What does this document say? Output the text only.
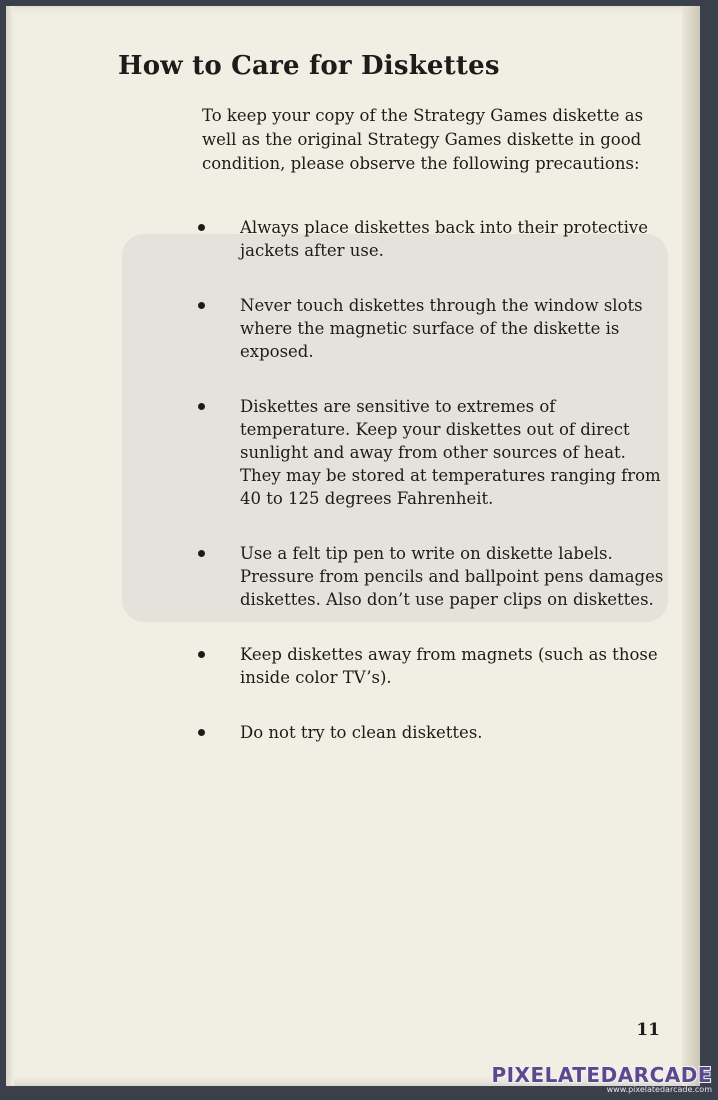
How to Care for Diskettes

To keep your copy of the Strategy Games diskette as well as the original Strategy Games diskette in good condition, please observe the following precautions:

Always place diskettes back into their protective jackets after use.
Never touch diskettes through the window slots where the magnetic surface of the diskette is exposed.
Diskettes are sensitive to extremes of temperature. Keep your diskettes out of direct sunlight and away from other sources of heat. They may be stored at temperatures ranging from 40 to 125 degrees Fahrenheit.
Use a felt tip pen to write on diskette labels. Pressure from pencils and ballpoint pens damages diskettes. Also don’t use paper clips on diskettes.
Keep diskettes away from magnets (such as those inside color TV’s).
Do not try to clean diskettes.
11
PIXELATEDARCADE
www.pixelatedarcade.com
